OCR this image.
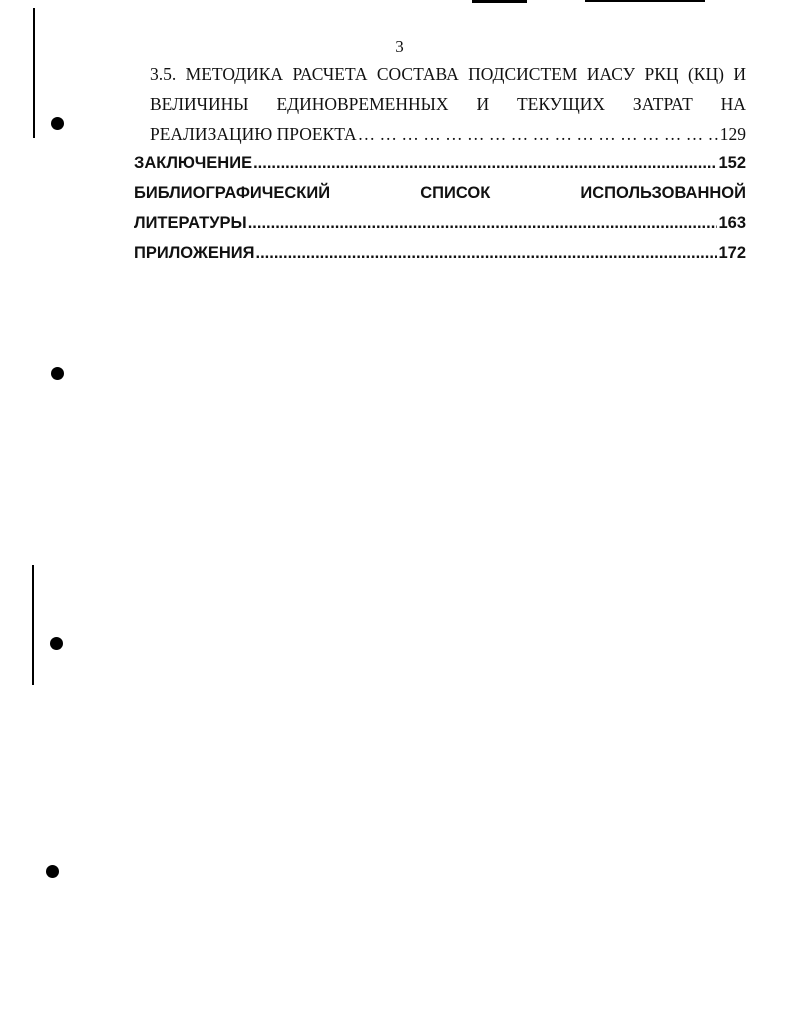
3
3.5. МЕТОДИКА РАСЧЕТА СОСТАВА ПОДСИСТЕМ ИАСУ РКЦ (КЦ) И
ВЕЛИЧИНЫ ЕДИНОВРЕМЕННЫХ И ТЕКУЩИХ ЗАТРАТ НА
РЕАЛИЗАЦИЮ ПРОЕКТА … … … … … … … … … … … … … … … … … … … … … … … … … … … … … … … … … … … … … … … … … … … … … … … … … …	129
ЗАКЛЮЧЕНИЕ .....	152
БИБЛИОГРАФИЧЕСКИЙ	СПИСОК	ИСПОЛЬЗОВАННОЙ
ЛИТЕРАТУРЫ .....	163
ПРИЛОЖЕНИЯ .....	172
